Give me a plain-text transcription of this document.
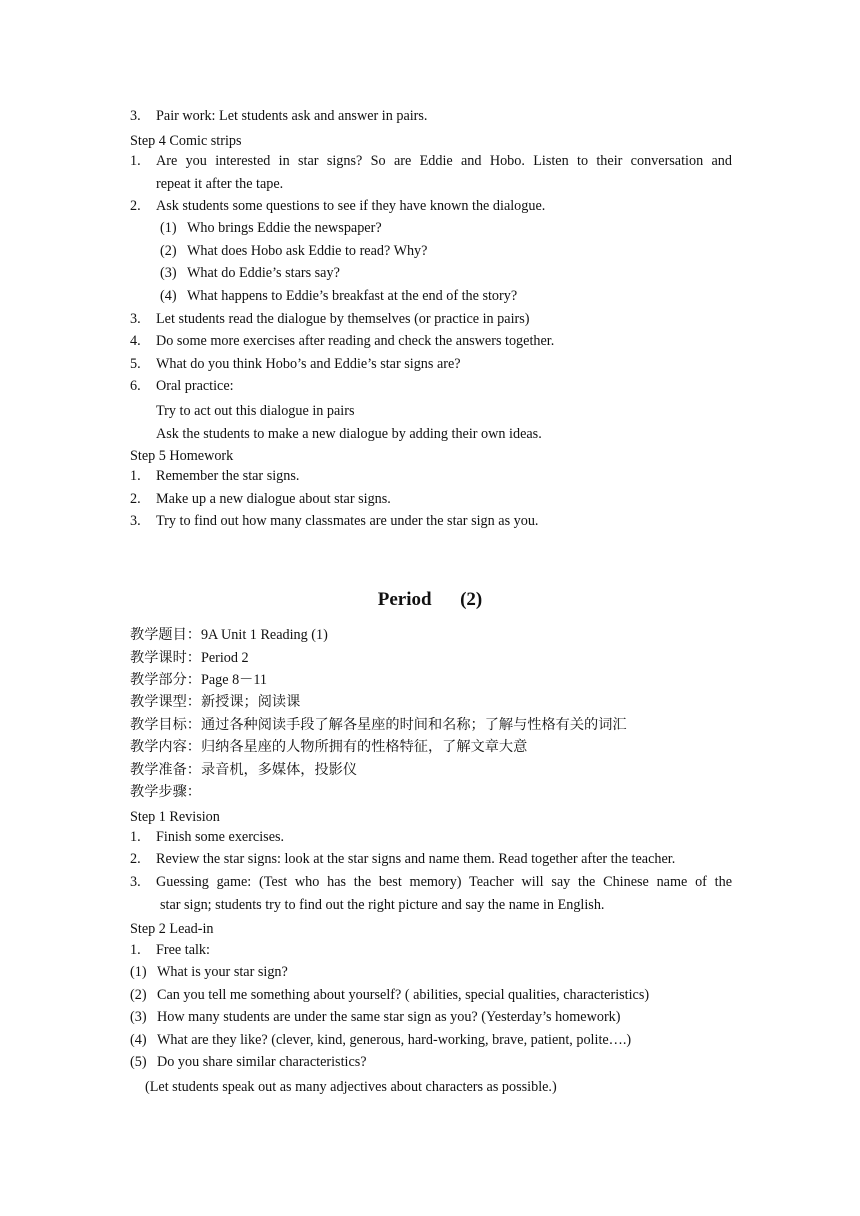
3. Pair work: Let students ask and answer in pairs.
Step 4 Comic strips
1. Are you interested in star signs? So are Eddie and Hobo. Listen to their conversation and
repeat it after the tape.
2. Ask students some questions to see if they have known the dialogue.
(1) Who brings Eddie the newspaper?
(2) What does Hobo ask Eddie to read? Why?
(3) What do Eddie’s stars say?
(4) What happens to Eddie’s breakfast at the end of the story?
3. Let students read the dialogue by themselves (or practice in pairs)
4. Do some more exercises after reading and check the answers together.
5. What do you think Hobo’s and Eddie’s star signs are?
6. Oral practice:
Try to act out this dialogue in pairs
Ask the students to make a new dialogue by adding their own ideas.
Step 5 Homework
1. Remember the star signs.
2. Make up a new dialogue about star signs.
3. Try to find out how many classmates are under the star sign as you.
Period      (2)
教学题目：9A Unit 1 Reading (1)
教学课时：Period 2
教学部分：Page 8－11
教学课型：新授课；阅读课
教学目标：通过各种阅读手段了解各星座的时间和名称；了解与性格有关的词汇
教学内容：归纳各星座的人物所拥有的性格特征，了解文章大意
教学准备：录音机，多媒体，投影仪
教学步骤：
Step 1 Revision
1. Finish some exercises.
2. Review the star signs: look at the star signs and name them. Read together after the teacher.
3. Guessing game: (Test who has the best memory) Teacher will say the Chinese name of the
star sign; students try to find out the right picture and say the name in English.
Step 2 Lead-in
1. Free talk:
(1) What is your star sign?
(2) Can you tell me something about yourself? ( abilities, special qualities, characteristics)
(3) How many students are under the same star sign as you? (Yesterday’s homework)
(4) What are they like? (clever, kind, generous, hard-working, brave, patient, polite….)
(5) Do you share similar characteristics?
(Let students speak out as many adjectives about characters as possible.)
